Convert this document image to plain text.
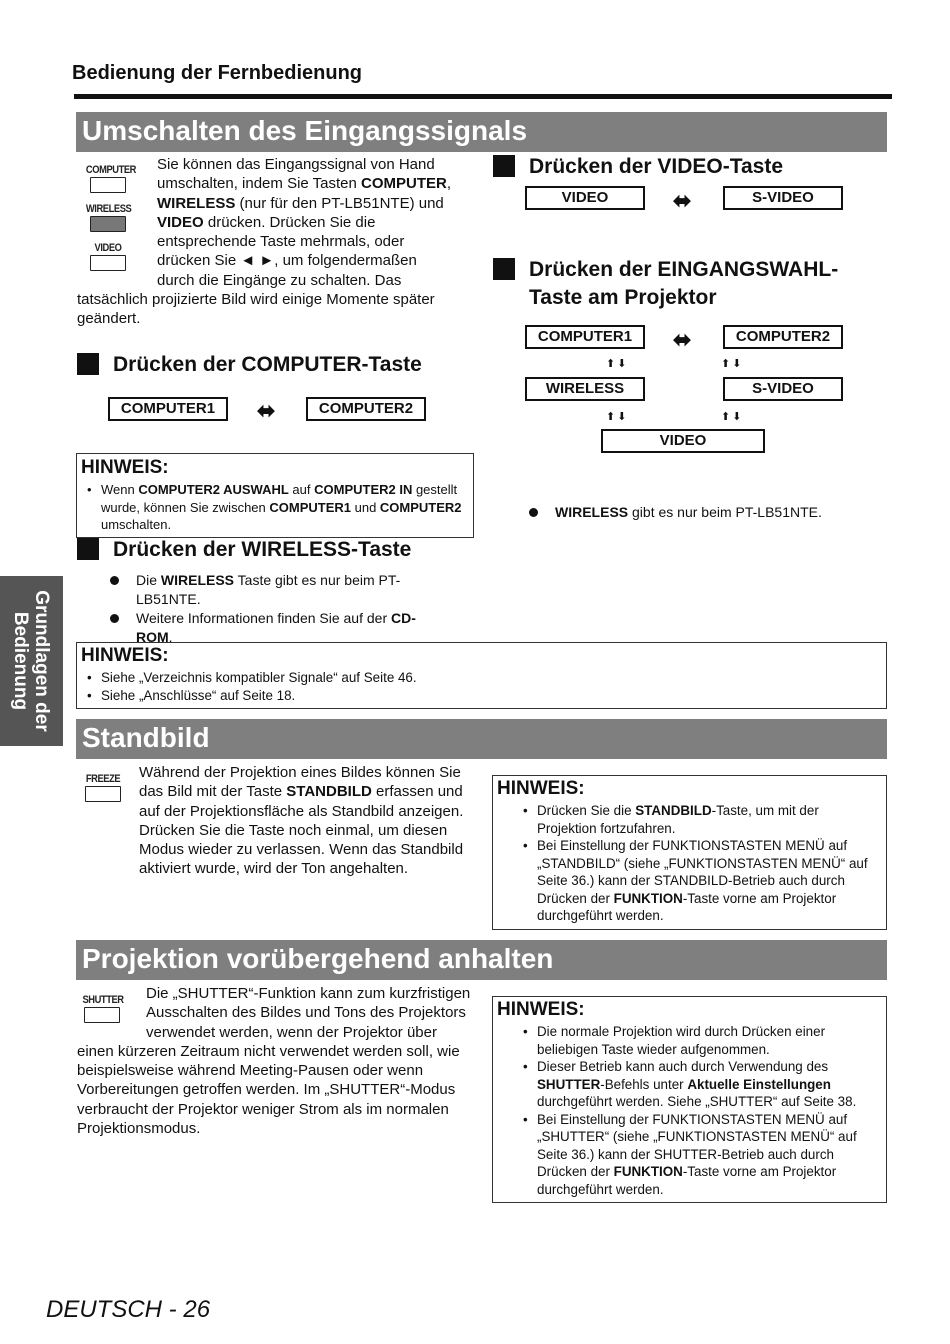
Bedienung der Fernbedienung
Umschalten des Eingangssignals
COMPUTER
WIRELESS
VIDEO
Sie können das Eingangssignal von Hand
umschalten, indem Sie Tasten COMPUTER,
WIRELESS (nur für den PT-LB51NTE) und
VIDEO drücken. Drücken Sie die
entsprechende Taste mehrmals, oder
drücken Sie ◄ ►, um folgendermaßen
durch die Eingänge zu schalten. Das
tatsächlich projizierte Bild wird einige Momente später
geändert.
Drücken der COMPUTER-Taste
COMPUTER1	⬌	COMPUTER2

HINWEIS:

• Wenn COMPUTER2 AUSWAHL auf COMPUTER2 IN gestellt wurde, können Sie zwischen COMPUTER1 und COMPUTER2 umschalten.
Drücken der WIRELESS-Taste
Die WIRELESS Taste gibt es nur beim PT-LB51NTE.
Weitere Informationen finden Sie auf der CD-ROM.
Drücken der VIDEO-Taste
VIDEO	⬌	S-VIDEO
Drücken der EINGANGSWAHL-
Taste am Projektor
COMPUTER1	⬌	COMPUTER2
⬆⬇	⬆⬇
WIRELESS	S-VIDEO
⬆⬇	⬆⬇
VIDEO
WIRELESS gibt es nur beim PT-LB51NTE.

HINWEIS:

• Siehe „Verzeichnis kompatibler Signale“ auf Seite 46.
• Siehe „Anschlüsse“ auf Seite 18.
Grundlagen der
Bedienung
Standbild
FREEZE	Während der Projektion eines Bildes können Sie das Bild mit der Taste STANDBILD erfassen und auf der Projektionsfläche als Standbild anzeigen. Drücken Sie die Taste noch einmal, um diesen Modus wieder zu verlassen. Wenn das Standbild aktiviert wurde, wird der Ton angehalten.

HINWEIS:

• Drücken Sie die STANDBILD-Taste, um mit der Projektion fortzufahren.
• Bei Einstellung der FUNKTIONSTASTEN MENÜ auf „STANDBILD“ (siehe „FUNKTIONSTASTEN MENÜ“ auf Seite 36.) kann der STANDBILD-Betrieb auch durch Drücken der FUNKTION-Taste vorne am Projektor durchgeführt werden.
Projektion vorübergehend anhalten
SHUTTER	Die „SHUTTER“-Funktion kann zum kurzfristigen Ausschalten des Bildes und Tons des Projektors verwendet werden, wenn der Projektor über einen kürzeren Zeitraum nicht verwendet werden soll, wie beispielsweise während Meeting-Pausen oder wenn Vorbereitungen getroffen werden. Im „SHUTTER“-Modus verbraucht der Projektor weniger Strom als im normalen Projektionsmodus.

HINWEIS:

• Die normale Projektion wird durch Drücken einer beliebigen Taste wieder aufgenommen.
• Dieser Betrieb kann auch durch Verwendung des SHUTTER-Befehls unter Aktuelle Einstellungen durchgeführt werden. Siehe „SHUTTER“ auf Seite 38.
• Bei Einstellung der FUNKTIONSTASTEN MENÜ auf „SHUTTER“ (siehe „FUNKTIONSTASTEN MENÜ“ auf Seite 36.) kann der SHUTTER-Betrieb auch durch Drücken der FUNKTION-Taste vorne am Projektor durchgeführt werden.
DEUTSCH - 26
